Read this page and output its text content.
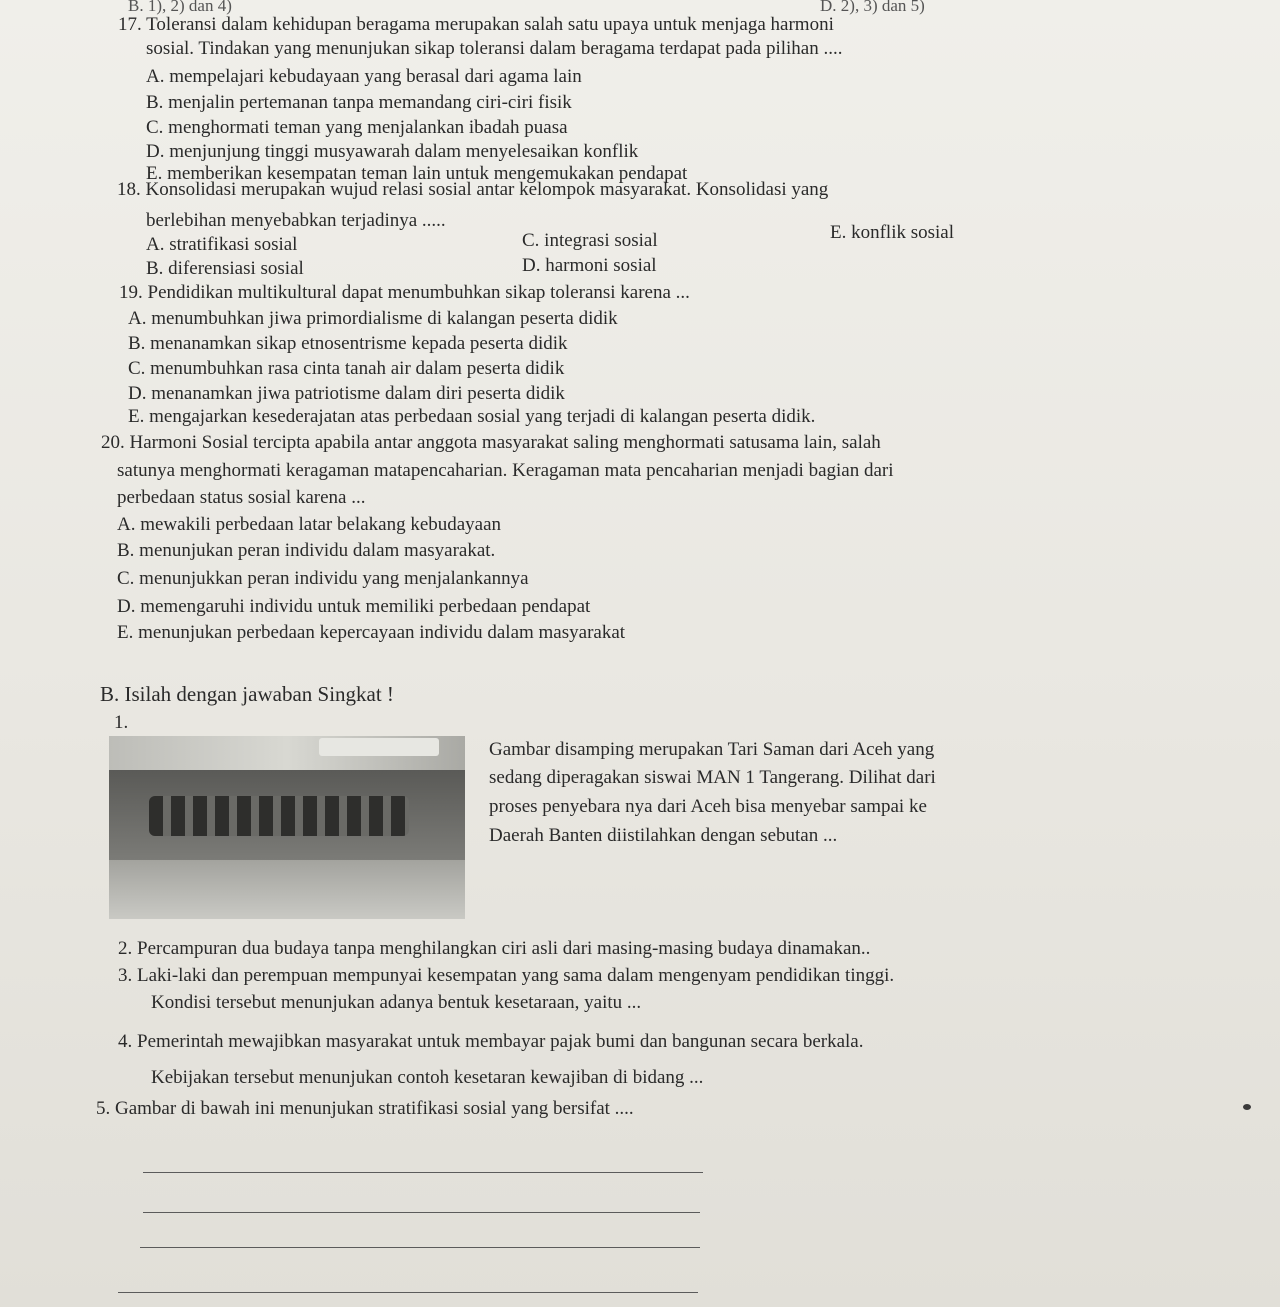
B. 1), 2) dan 4)	D. 2), 3) dan 5)
17. Toleransi dalam kehidupan beragama merupakan salah satu upaya untuk menjaga harmoni
sosial. Tindakan yang menunjukan sikap toleransi dalam beragama terdapat pada pilihan ....
A. mempelajari kebudayaan yang berasal dari agama lain
B. menjalin pertemanan tanpa memandang ciri-ciri fisik
C. menghormati teman yang menjalankan ibadah puasa
D. menjunjung tinggi musyawarah dalam menyelesaikan konflik
E. memberikan kesempatan teman lain untuk mengemukakan pendapat
18. Konsolidasi merupakan wujud relasi sosial antar kelompok masyarakat. Konsolidasi yang
berlebihan menyebabkan terjadinya .....
A. stratifikasi sosial
B. diferensiasi sosial
C. integrasi sosial
D. harmoni sosial
E. konflik sosial
19. Pendidikan multikultural dapat menumbuhkan sikap toleransi karena ...
A. menumbuhkan jiwa primordialisme di kalangan peserta didik
B. menanamkan sikap etnosentrisme kepada peserta didik
C. menumbuhkan rasa cinta tanah air dalam peserta didik
D. menanamkan jiwa patriotisme dalam diri peserta didik
E. mengajarkan kesederajatan atas perbedaan sosial yang terjadi di kalangan peserta didik.
20. Harmoni Sosial tercipta apabila antar anggota masyarakat saling menghormati satusama lain, salah
satunya menghormati keragaman matapencaharian. Keragaman mata pencaharian menjadi bagian dari
perbedaan status sosial karena ...
A. mewakili perbedaan latar belakang kebudayaan
B. menunjukan peran individu dalam masyarakat.
C. menunjukkan peran individu yang menjalankannya
D. memengaruhi individu untuk memiliki perbedaan pendapat
E. menunjukan perbedaan kepercayaan individu dalam masyarakat
B. Isilah dengan jawaban Singkat !
1.
Gambar disamping merupakan Tari Saman dari Aceh yang
sedang diperagakan siswai MAN 1 Tangerang. Dilihat dari
proses penyebara nya dari Aceh bisa menyebar sampai ke
Daerah Banten diistilahkan dengan sebutan ...
2. Percampuran dua budaya tanpa menghilangkan ciri asli dari masing-masing budaya dinamakan..
3. Laki-laki dan perempuan mempunyai kesempatan yang sama dalam mengenyam pendidikan tinggi.
Kondisi tersebut menunjukan adanya bentuk kesetaraan, yaitu ...
4. Pemerintah mewajibkan masyarakat untuk membayar pajak bumi dan bangunan secara berkala.
Kebijakan tersebut menunjukan contoh kesetaran kewajiban di bidang ...
5. Gambar di bawah ini menunjukan stratifikasi sosial yang bersifat ....
